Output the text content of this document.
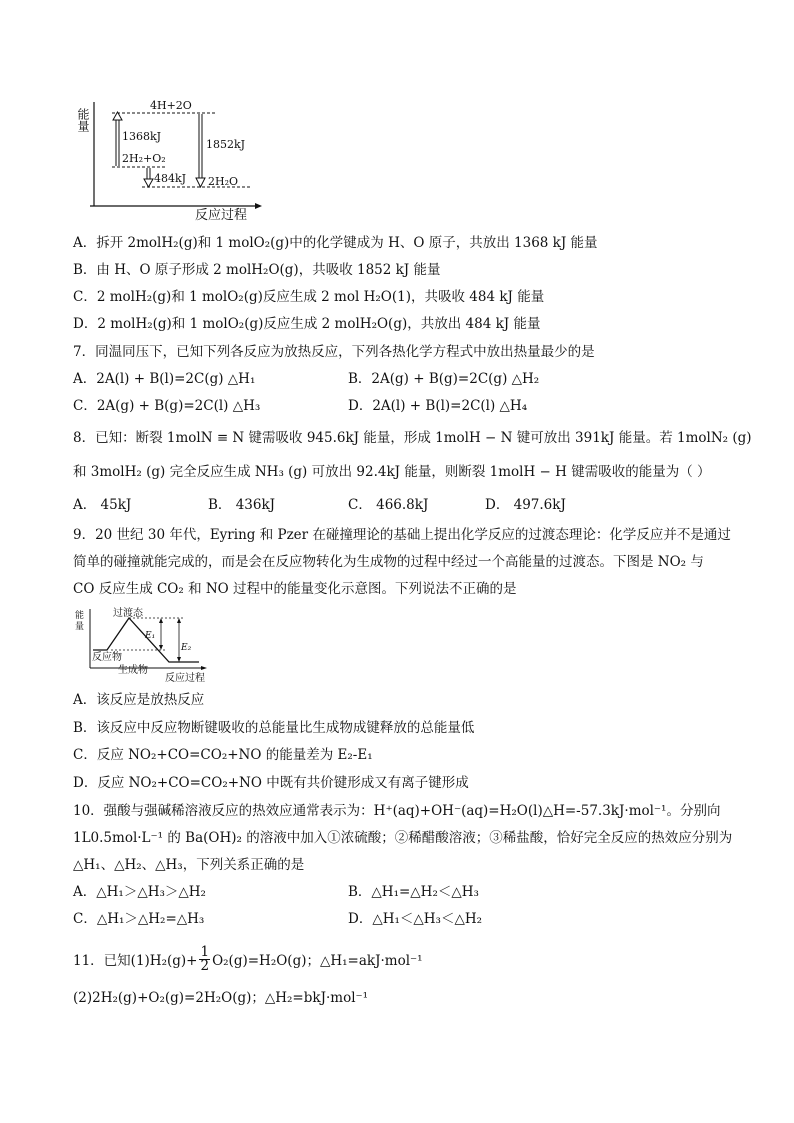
4H+2O
1368kJ
2H₂+O₂
1852kJ
484kJ 2H₂O
反应过程
能量
A．拆开 2molH₂(g)和 1 molO₂(g)中的化学键成为 H、O 原子，共放出 1368 kJ 能量
B．由 H、O 原子形成 2 molH₂O(g)，共吸收 1852 kJ 能量
C．2 molH₂(g)和 1 molO₂(g)反应生成 2 mol H₂O(1)，共吸收 484 kJ 能量
D．2 molH₂(g)和 1 molO₂(g)反应生成 2 molH₂O(g)，共放出 484 kJ 能量
7．同温同压下，已知下列各反应为放热反应，下列各热化学方程式中放出热量最少的是
A．2A(l) + B(l)=2C(g) △H₁	B．2A(g) + B(g)=2C(g) △H₂
C．2A(g) + B(g)=2C(l) △H₃	D．2A(l) + B(l)=2C(l) △H₄
8．已知：断裂 1molN ≡ N 键需吸收 945.6kJ 能量，形成 1molH − N 键可放出 391kJ 能量。若 1molN₂ (g)
和 3molH₂ (g) 完全反应生成 NH₃ (g) 可放出 92.4kJ 能量，则断裂 1molH − H 键需吸收的能量为（ ）
A． 45kJ	B． 436kJ	C． 466.8kJ	D． 497.6kJ
9．20 世纪 30 年代，Eyring 和 Pzer 在碰撞理论的基础上提出化学反应的过渡态理论：化学反应并不是通过
简单的碰撞就能完成的，而是会在反应物转化为生成物的过程中经过一个高能量的过渡态。下图是 NO₂ 与
CO 反应生成 CO₂ 和 NO 过程中的能量变化示意图。下列说法不正确的是
能
量
过渡态
反应物
生成物
E₁
E₂
反应过程
A．该反应是放热反应
B．该反应中反应物断键吸收的总能量比生成物成键释放的总能量低
C．反应 NO₂+CO=CO₂+NO 的能量差为 E₂-E₁
D．反应 NO₂+CO=CO₂+NO 中既有共价键形成又有离子键形成
10．强酸与强碱稀溶液反应的热效应通常表示为：H⁺(aq)+OH⁻(aq)=H₂O(l)△H=-57.3kJ·mol⁻¹。分别向
1L0.5mol·L⁻¹ 的 Ba(OH)₂ 的溶液中加入①浓硫酸；②稀醋酸溶液；③稀盐酸，恰好完全反应的热效应分别为
△H₁、△H₂、△H₃，下列关系正确的是
A．△H₁＞△H₃＞△H₂	B．△H₁=△H₂＜△H₃
C．△H₁＞△H₂=△H₃	D．△H₁＜△H₃＜△H₂
11．已知$(1)H_2(g)+ \frac{1}{2} O_2(g)=H_2O(g)$；△H₁=akJ·mol⁻¹
(2)2H₂(g)+O₂(g)=2H₂O(g)；△H₂=bkJ·mol⁻¹
